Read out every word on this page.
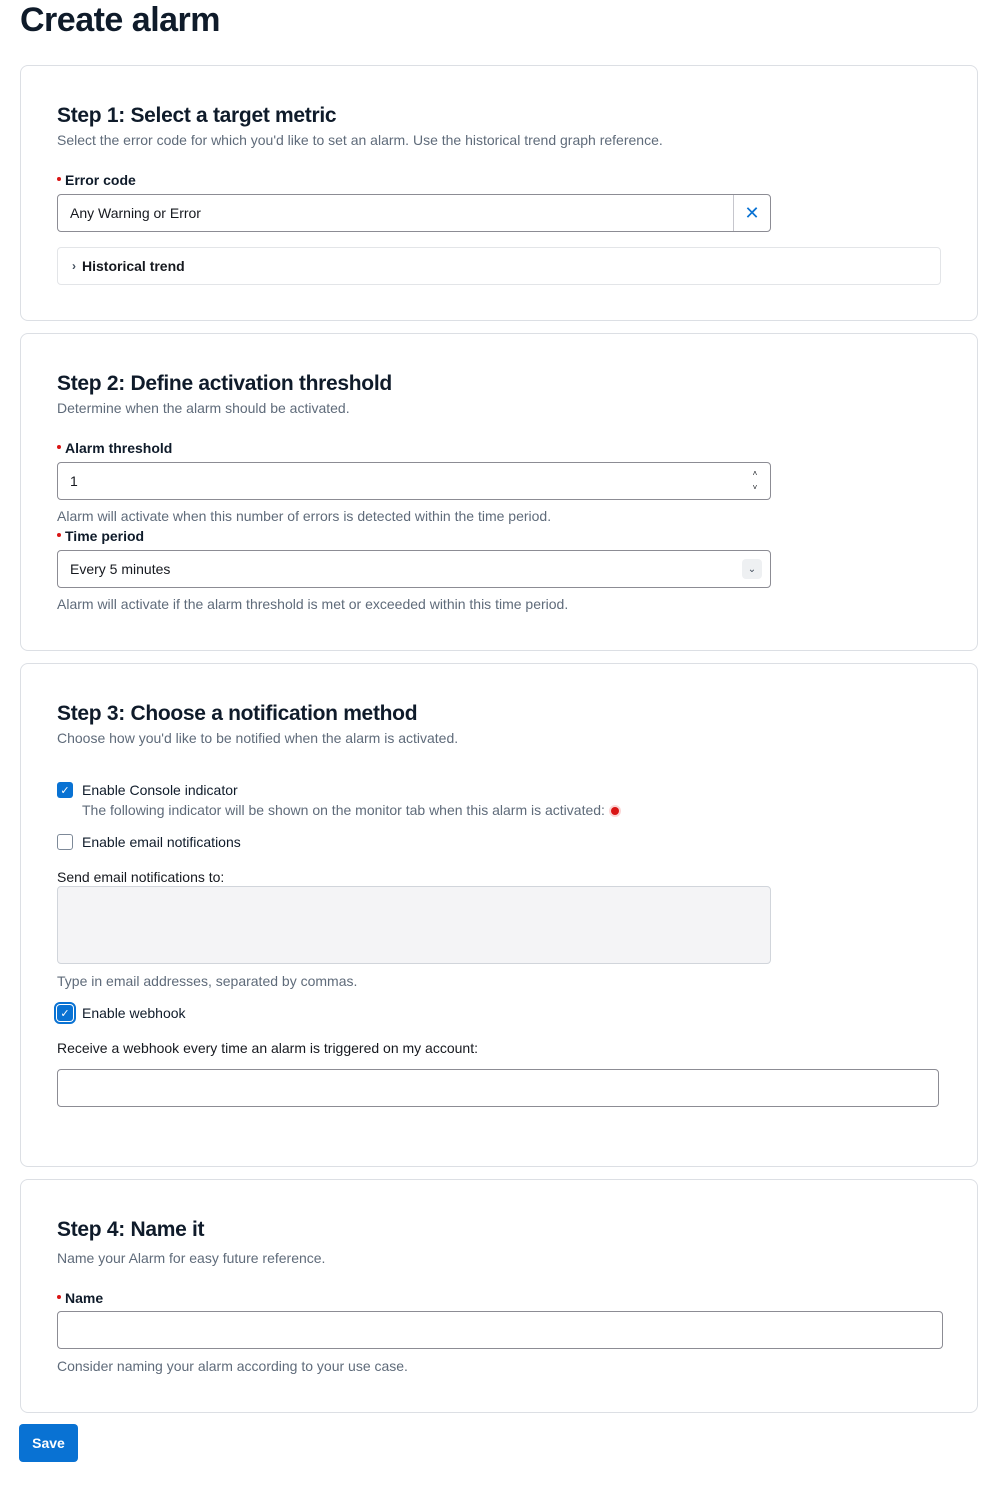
Create alarm
Step 1: Select a target metric
Select the error code for which you'd like to set an alarm. Use the historical trend graph reference.
Error code
Any Warning or Error	✕
› Historical trend
Step 2: Define activation threshold
Determine when the alarm should be activated.
Alarm threshold
1	˄
˅
Alarm will activate when this number of errors is detected within the time period.
Time period
Every 5 minutes	⌄
Alarm will activate if the alarm threshold is met or exceeded within this time period.
Step 3: Choose a notification method
Choose how you'd like to be notified when the alarm is activated.
✓ Enable Console indicator
The following indicator will be shown on the monitor tab when this alarm is activated:
Enable email notifications
Send email notifications to:
Type in email addresses, separated by commas.
✓ Enable webhook
Receive a webhook every time an alarm is triggered on my account:
Step 4: Name it
Name your Alarm for easy future reference.
Name
Consider naming your alarm according to your use case.
Save
